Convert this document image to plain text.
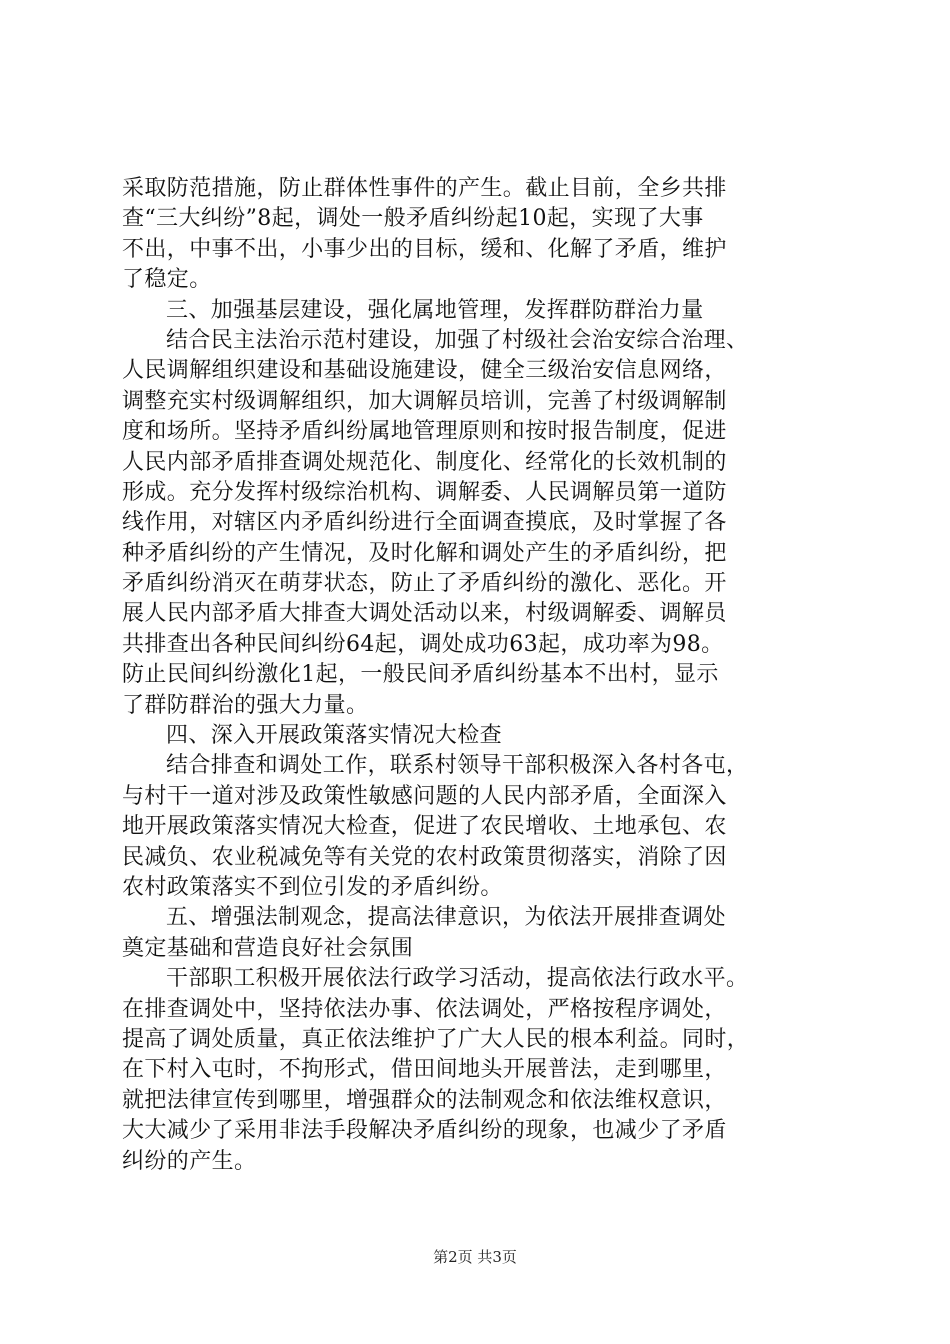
采取防范措施，防止群体性事件的产生。截止目前，全乡共排
查“三大纠纷”8起，调处一般矛盾纠纷起10起，实现了大事
不出，中事不出，小事少出的目标，缓和、化解了矛盾，维护
了稳定。
三、加强基层建设，强化属地管理，发挥群防群治力量
结合民主法治示范村建设，加强了村级社会治安综合治理、
人民调解组织建设和基础设施建设，健全三级治安信息网络，
调整充实村级调解组织，加大调解员培训，完善了村级调解制
度和场所。坚持矛盾纠纷属地管理原则和按时报告制度，促进
人民内部矛盾排查调处规范化、制度化、经常化的长效机制的
形成。充分发挥村级综治机构、调解委、人民调解员第一道防
线作用，对辖区内矛盾纠纷进行全面调查摸底，及时掌握了各
种矛盾纠纷的产生情况，及时化解和调处产生的矛盾纠纷，把
矛盾纠纷消灭在萌芽状态，防止了矛盾纠纷的激化、恶化。开
展人民内部矛盾大排查大调处活动以来，村级调解委、调解员
共排查出各种民间纠纷64起，调处成功63起，成功率为98。
防止民间纠纷激化1起，一般民间矛盾纠纷基本不出村，显示
了群防群治的强大力量。
四、深入开展政策落实情况大检查
结合排查和调处工作，联系村领导干部积极深入各村各屯，
与村干一道对涉及政策性敏感问题的人民内部矛盾，全面深入
地开展政策落实情况大检查，促进了农民增收、土地承包、农
民减负、农业税减免等有关党的农村政策贯彻落实，消除了因
农村政策落实不到位引发的矛盾纠纷。
五、增强法制观念，提高法律意识，为依法开展排查调处
奠定基础和营造良好社会氛围
干部职工积极开展依法行政学习活动，提高依法行政水平。
在排查调处中，坚持依法办事、依法调处，严格按程序调处，
提高了调处质量，真正依法维护了广大人民的根本利益。同时，
在下村入屯时，不拘形式，借田间地头开展普法，走到哪里，
就把法律宣传到哪里，增强群众的法制观念和依法维权意识，
大大减少了采用非法手段解决矛盾纠纷的现象，也减少了矛盾
纠纷的产生。
第2页 共3页
